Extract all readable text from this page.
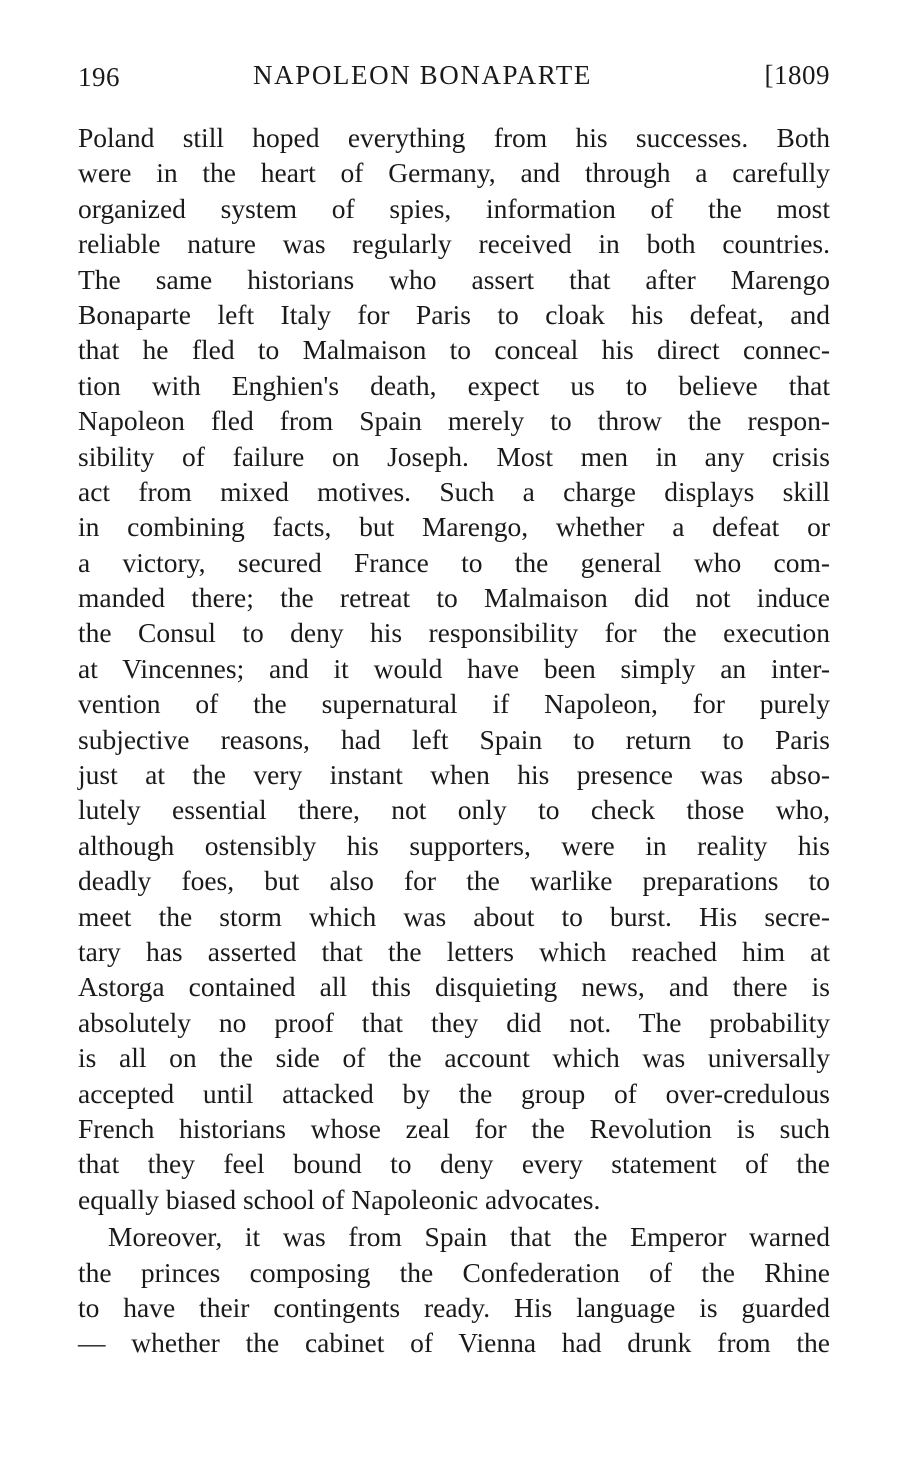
196	NAPOLEON BONAPARTE	[1809
Poland still hoped everything from his successes. Both
were in the heart of Germany, and through a carefully
organized system of spies, information of the most
reliable nature was regularly received in both countries.
The same historians who assert that after Marengo
Bonaparte left Italy for Paris to cloak his defeat, and
that he fled to Malmaison to conceal his direct connec-
tion with Enghien's death, expect us to believe that
Napoleon fled from Spain merely to throw the respon-
sibility of failure on Joseph. Most men in any crisis
act from mixed motives. Such a charge displays skill
in combining facts, but Marengo, whether a defeat or
a victory, secured France to the general who com-
manded there; the retreat to Malmaison did not induce
the Consul to deny his responsibility for the execution
at Vincennes; and it would have been simply an inter-
vention of the supernatural if Napoleon, for purely
subjective reasons, had left Spain to return to Paris
just at the very instant when his presence was abso-
lutely essential there, not only to check those who,
although ostensibly his supporters, were in reality his
deadly foes, but also for the warlike preparations to
meet the storm which was about to burst. His secre-
tary has asserted that the letters which reached him at
Astorga contained all this disquieting news, and there is
absolutely no proof that they did not. The probability
is all on the side of the account which was universally
accepted until attacked by the group of over-credulous
French historians whose zeal for the Revolution is such
that they feel bound to deny every statement of the
equally biased school of Napoleonic advocates.
Moreover, it was from Spain that the Emperor warned
the princes composing the Confederation of the Rhine
to have their contingents ready. His language is guarded
— whether the cabinet of Vienna had drunk from the
